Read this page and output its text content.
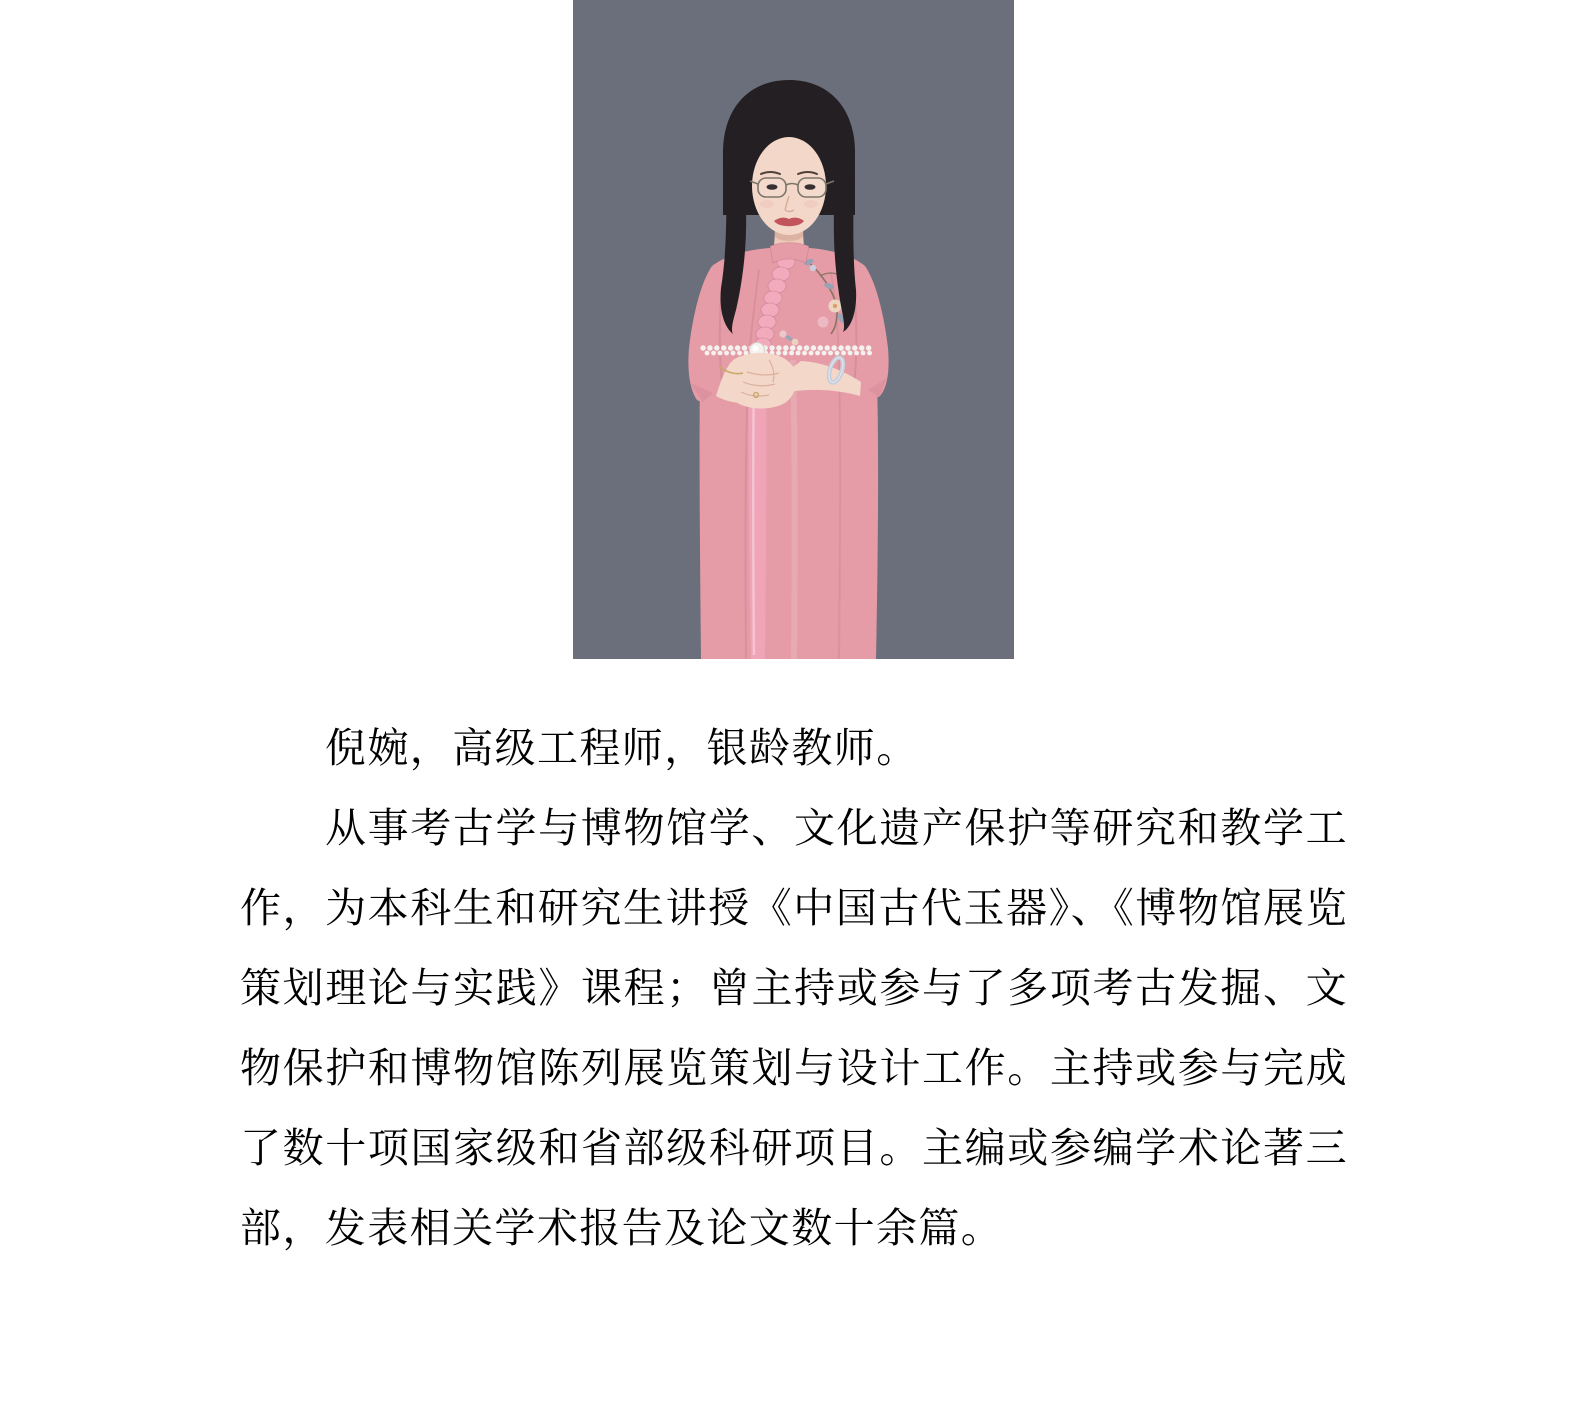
倪婉，高级工程师，银龄教师。
从事考古学与博物馆学、文化遗产保护等研究和教学工
作，为本科生和研究生讲授《中国古代玉器》、《博物馆展览
策划理论与实践》课程；曾主持或参与了多项考古发掘、文
物保护和博物馆陈列展览策划与设计工作。主持或参与完成
了数十项国家级和省部级科研项目。主编或参编学术论著三
部，发表相关学术报告及论文数十余篇。
